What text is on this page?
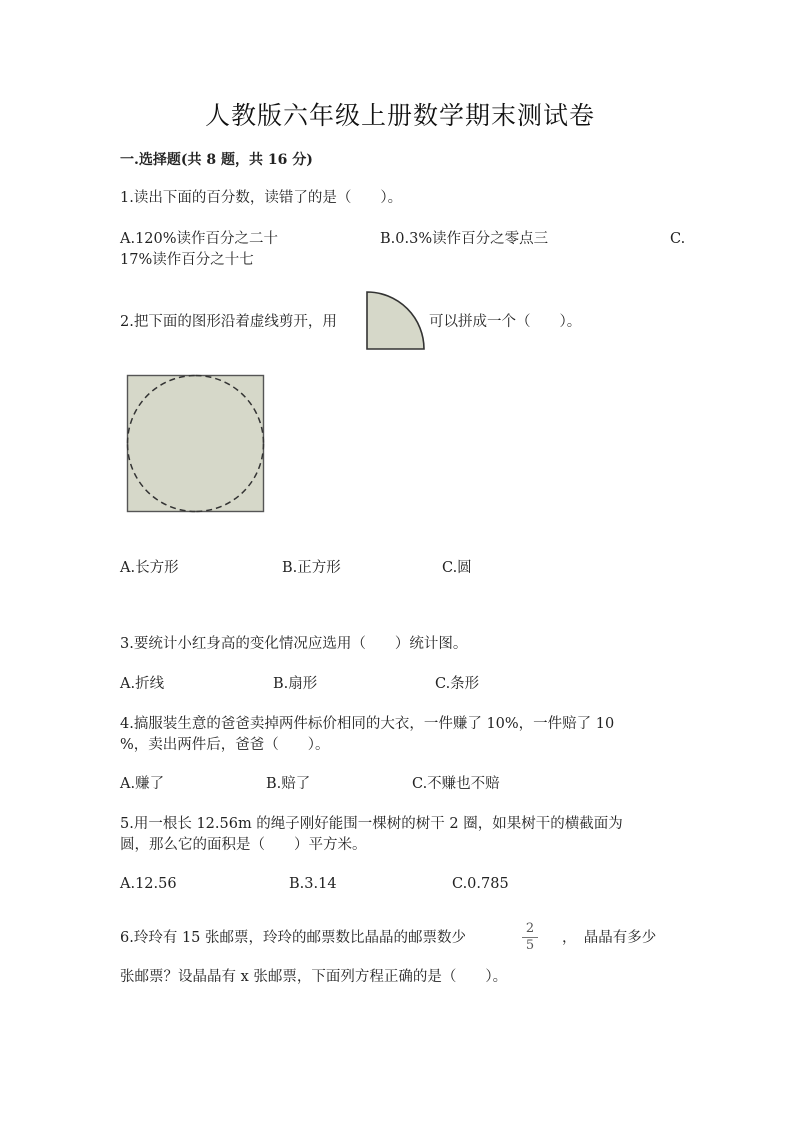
人教版六年级上册数学期末测试卷
一.选择题(共 8 题，共 16 分)
1.读出下面的百分数，读错了的是（　　）。
A.120%读作百分之二十	B.0.3%读作百分之零点三	C.
17%读作百分之十七
2.把下面的图形沿着虚线剪开，用	可以拼成一个（　　）。
A.长方形	B.正方形	C.圆
3.要统计小红身高的变化情况应选用（　　）统计图。
A.折线	B.扇形	C.条形
4.搞服装生意的爸爸卖掉两件标价相同的大衣，一件赚了 10%，一件赔了 10
%，卖出两件后，爸爸（　　）。
A.赚了	B.赔了	C.不赚也不赔
5.用一根长 12.56m 的绳子刚好能围一棵树的树干 2 圈，如果树干的横截面为
圆，那么它的面积是（　　）平方米。
A.12.56	B.3.14	C.0.785
6.玲玲有 15 张邮票，玲玲的邮票数比晶晶的邮票数少
2
5 ，　晶晶有多少
张邮票？设晶晶有 x 张邮票，下面列方程正确的是（　　）。
